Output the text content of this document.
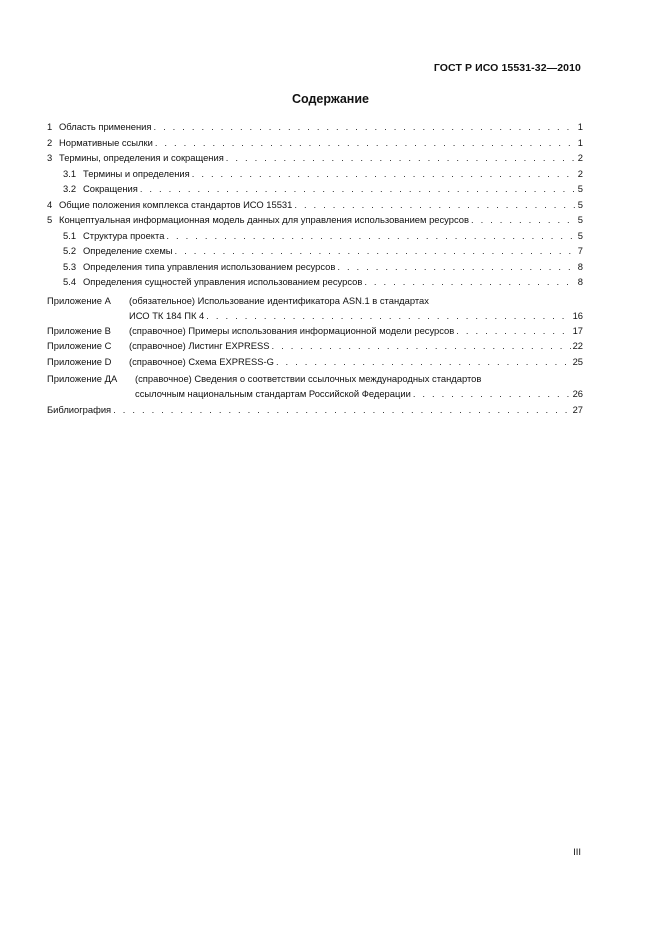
ГОСТ Р ИСО 15531-32—2010
Содержание
1 Область применения . . .	1
2 Нормативные ссылки . . .	1
3 Термины, определения и сокращения . . .	2
3.1 Термины и определения . . .	2
3.2 Сокращения . . .	5
4 Общие положения комплекса стандартов ИСО 15531 . . .	5
5 Концептуальная информационная модель данных для управления использованием ресурсов . . .	5
5.1 Структура проекта . . .	5
5.2 Определение схемы . . .	7
5.3 Определения типа управления использованием ресурсов . . .	8
5.4 Определения сущностей управления использованием ресурсов . . .	8
Приложение А	(обязательное) Использование идентификатора ASN.1 в стандартах
ИСО ТК 184 ПК 4 . . .	16
Приложение В	(справочное) Примеры использования информационной модели ресурсов . . .	17
Приложение С	(справочное) Листинг EXPRESS . . .	22
Приложение D	(справочное) Схема EXPRESS-G . . .	25
Приложение ДА	(справочное) Сведения о соответствии ссылочных международных стандартов
ссылочным национальным стандартам Российской Федерации . . .	26
Библиография . . .	27
III
